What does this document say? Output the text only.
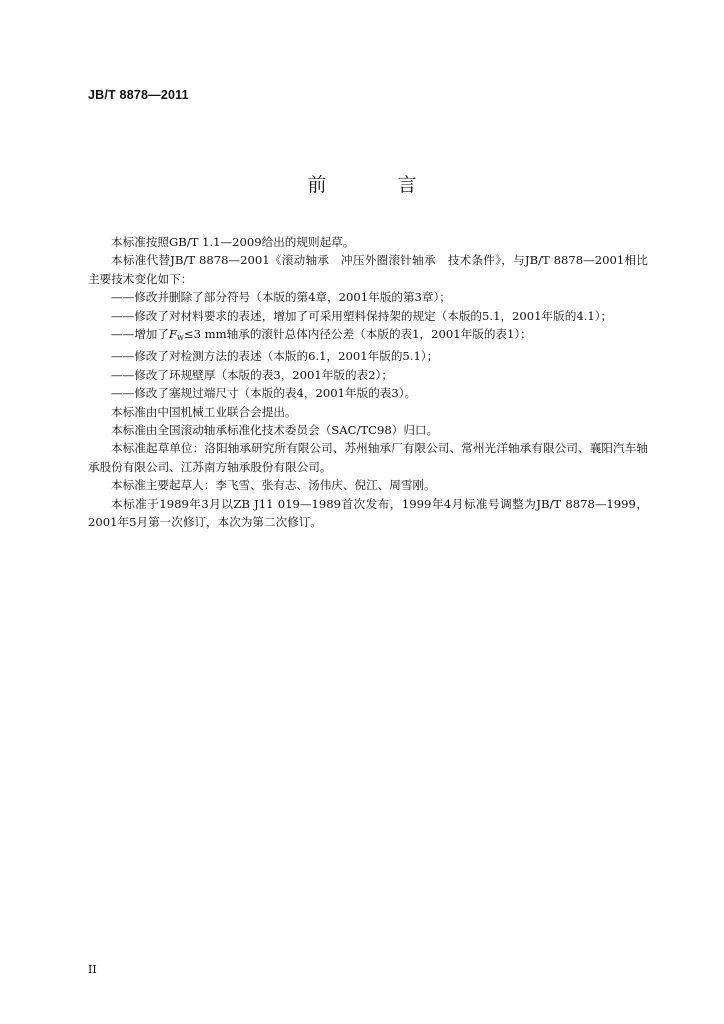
JB/T 8878—2011
前　言

本标准按照GB/T 1.1—2009给出的规则起草。

本标准代替JB/T 8878—2001《滚动轴承　冲压外圈滚针轴承　技术条件》，与JB/T 8878—2001相比主要技术变化如下：

——修改并删除了部分符号（本版的第4章，2001年版的第3章）；

——修改了对材料要求的表述，增加了可采用塑料保持架的规定（本版的5.1，2001年版的4.1）；

——增加了$F_w\le 3$ mm轴承的滚针总体内径公差（本版的表1，2001年版的表1）；

——修改了对检测方法的表述（本版的6.1，2001年版的5.1）；

——修改了环规壁厚（本版的表3，2001年版的表2）；

——修改了塞规过端尺寸（本版的表4，2001年版的表3）。

本标准由中国机械工业联合会提出。

本标准由全国滚动轴承标准化技术委员会（SAC/TC98）归口。

本标准起草单位：洛阳轴承研究所有限公司、苏州轴承厂有限公司、常州光洋轴承有限公司、襄阳汽车轴承股份有限公司、江苏南方轴承股份有限公司。

本标准主要起草人：李飞雪、张有志、汤伟庆、倪江、周雪刚。

本标准于1989年3月以ZB J11 019—1989首次发布，1999年4月标准号调整为JB/T 8878—1999，2001年5月第一次修订，本次为第二次修订。

II
